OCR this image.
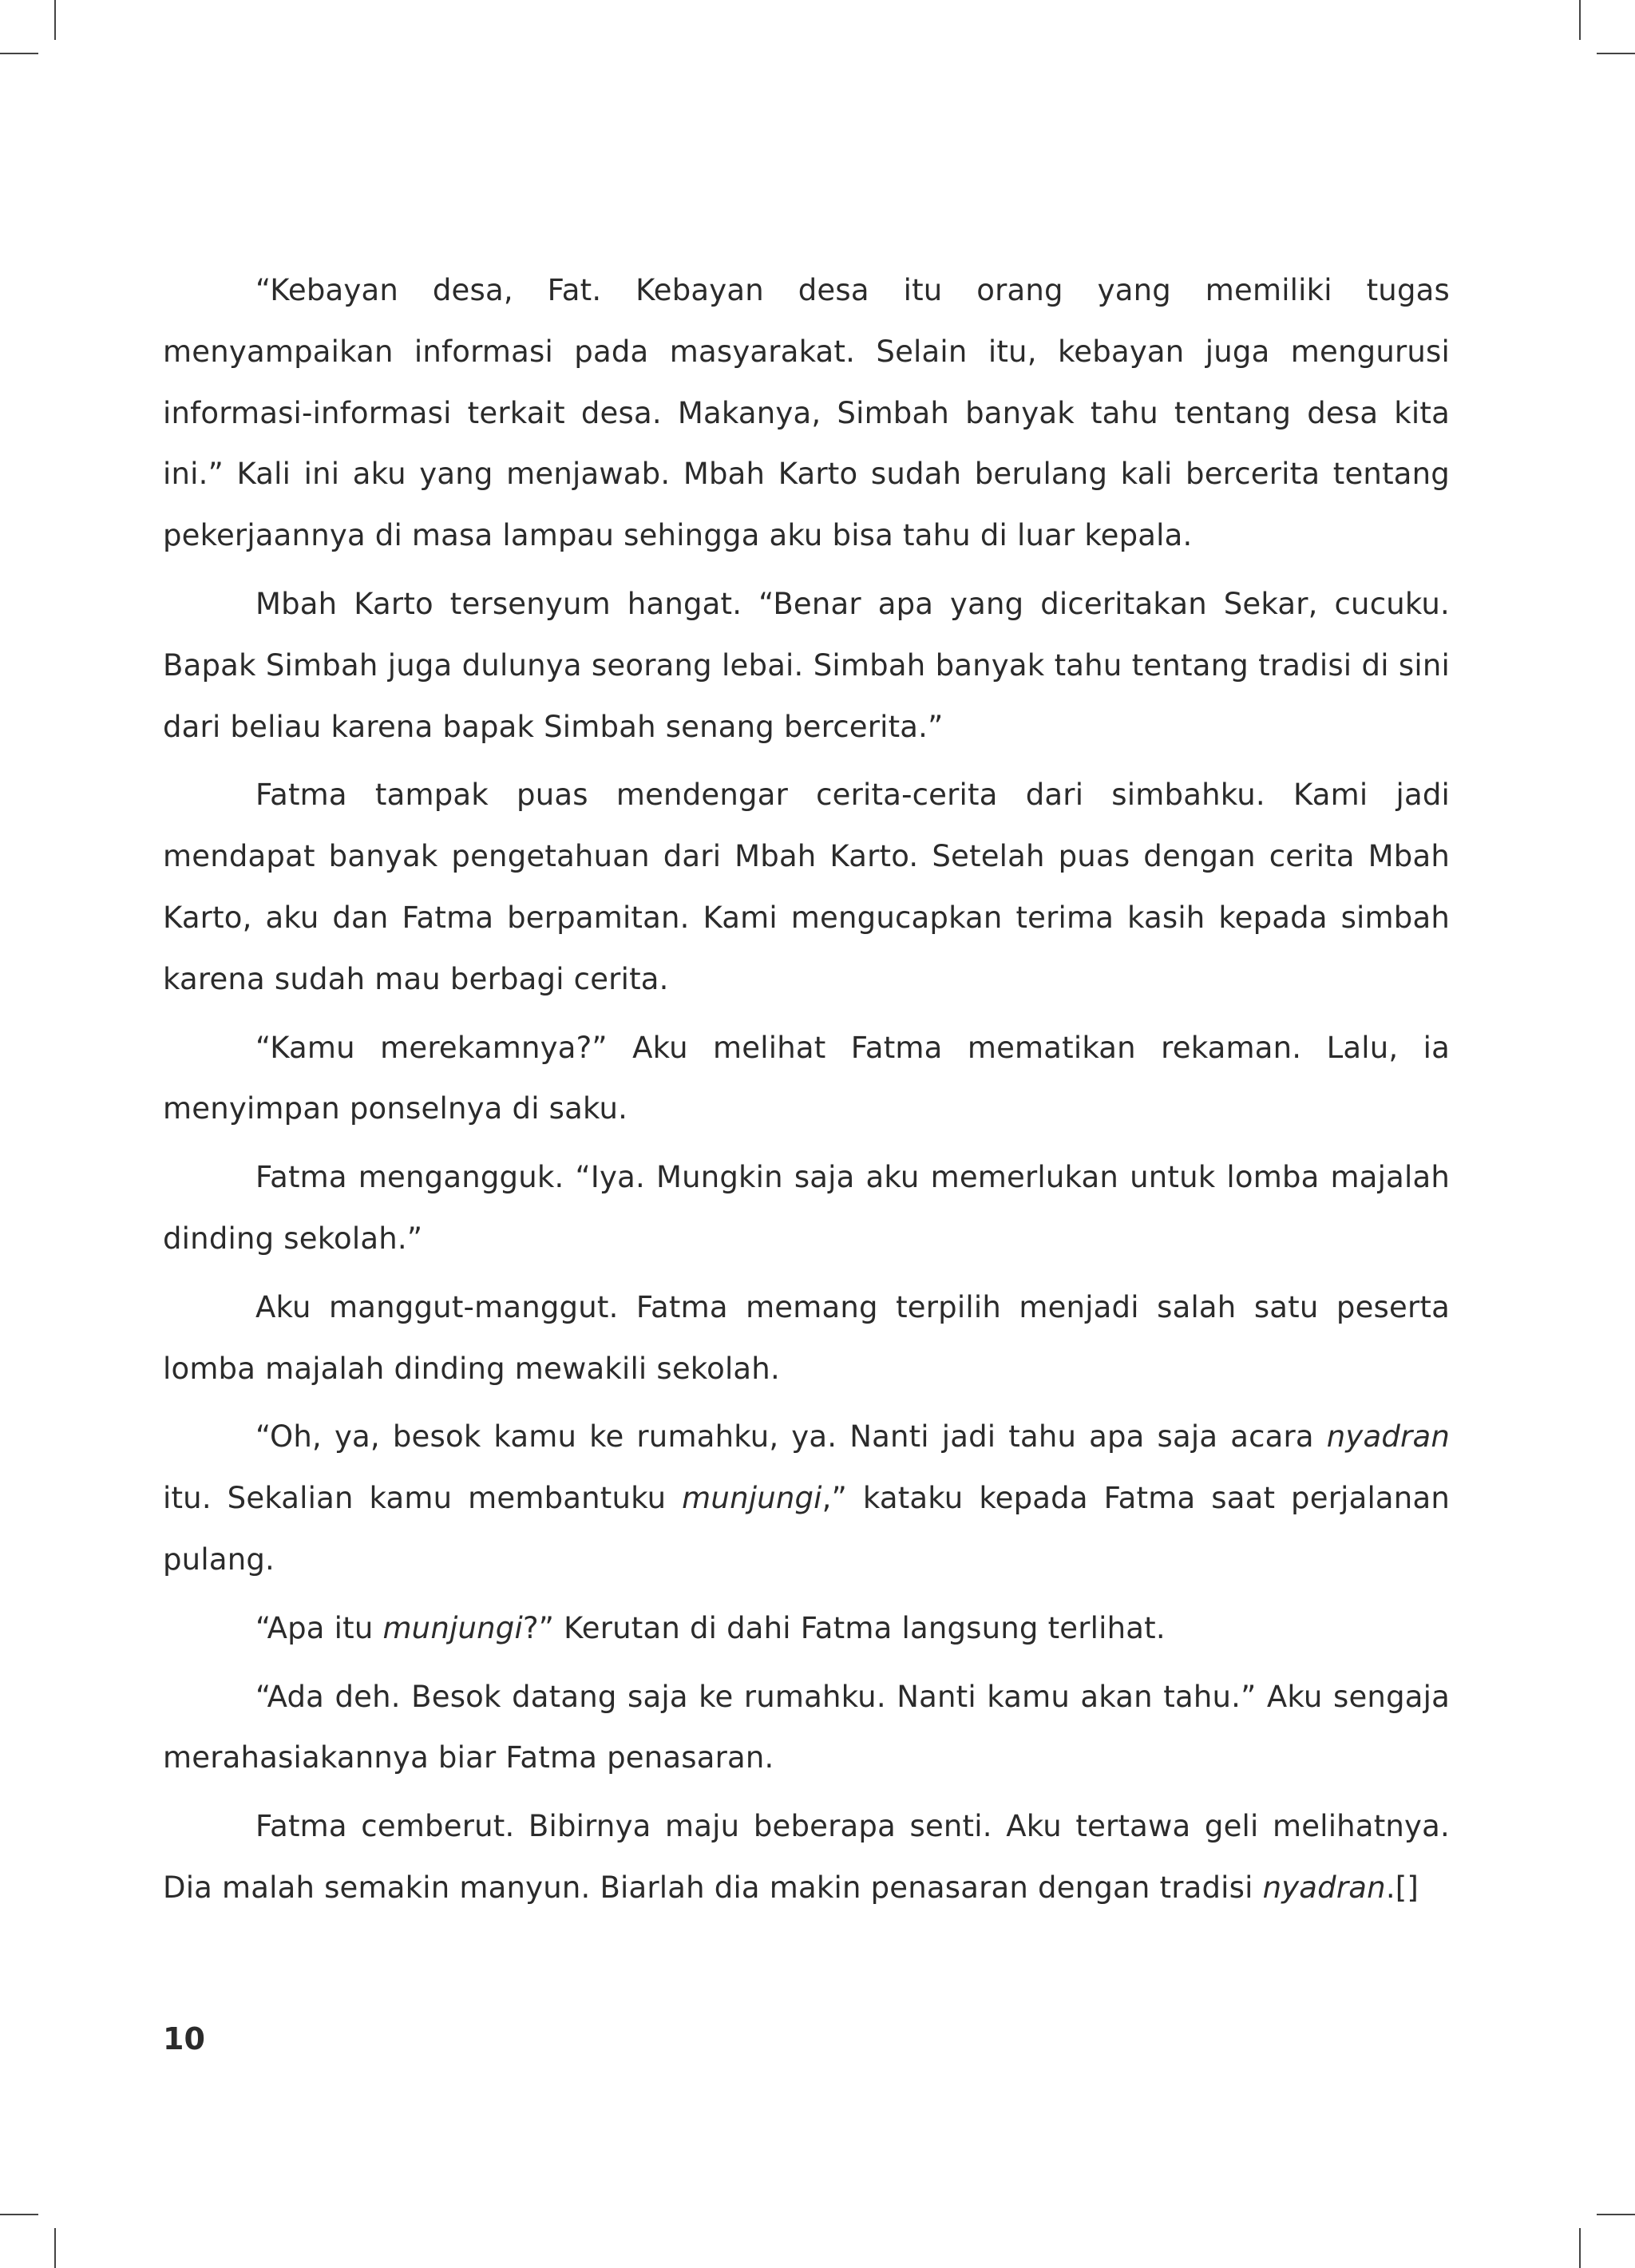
“Kebayan desa, Fat. Kebayan desa itu orang yang memiliki tugas menyampaikan informasi pada masyarakat. Selain itu, kebayan juga mengurusi informasi-informasi terkait desa. Makanya, Simbah banyak tahu tentang desa kita ini.” Kali ini aku yang menjawab. Mbah Karto sudah berulang kali bercerita tentang pekerjaannya di masa lampau sehingga aku bisa tahu di luar kepala.

Mbah Karto tersenyum hangat. “Benar apa yang diceritakan Sekar, cucuku. Bapak Simbah juga dulunya seorang lebai. Simbah banyak tahu tentang tradisi di sini dari beliau karena bapak Simbah senang bercerita.”

Fatma tampak puas mendengar cerita-cerita dari simbahku. Kami jadi mendapat banyak pengetahuan dari Mbah Karto. Setelah puas dengan cerita Mbah Karto, aku dan Fatma berpamitan. Kami mengucapkan terima kasih kepada simbah karena sudah mau berbagi cerita.

“Kamu merekamnya?” Aku melihat Fatma mematikan rekaman. Lalu, ia menyimpan ponselnya di saku.

Fatma mengangguk. “Iya. Mungkin saja aku memerlukan untuk lomba majalah dinding sekolah.”

Aku manggut-manggut. Fatma memang terpilih menjadi salah satu peserta lomba majalah dinding mewakili sekolah.

“Oh, ya, besok kamu ke rumahku, ya. Nanti jadi tahu apa saja acara nyadran itu. Sekalian kamu membantuku munjungi,” kataku kepada Fatma saat perjalanan pulang.

“Apa itu munjungi?” Kerutan di dahi Fatma langsung terlihat.

“Ada deh. Besok datang saja ke rumahku. Nanti kamu akan tahu.” Aku sengaja merahasiakannya biar Fatma penasaran.

Fatma cemberut. Bibirnya maju beberapa senti. Aku tertawa geli melihatnya. Dia malah semakin manyun. Biarlah dia makin penasaran dengan tradisi nyadran.[]

10
